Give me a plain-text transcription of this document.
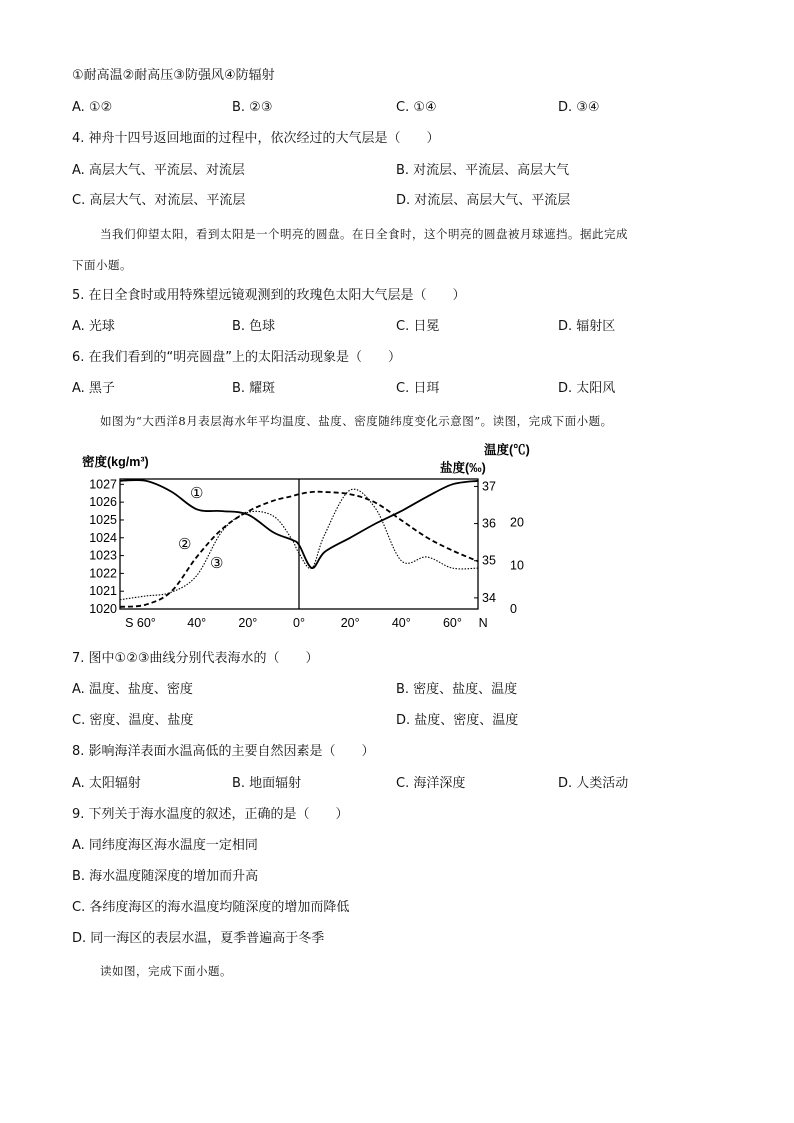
①耐高温②耐高压③防强风④防辐射
A. ①②	B. ②③	C. ①④	D. ③④
4. 神舟十四号返回地面的过程中，依次经过的大气层是（　　）
A. 高层大气、平流层、对流层	B. 对流层、平流层、高层大气
C. 高层大气、对流层、平流层	D. 对流层、高层大气、平流层
当我们仰望太阳，看到太阳是一个明亮的圆盘。在日全食时，这个明亮的圆盘被月球遮挡。据此完成
下面小题。
5. 在日全食时或用特殊望远镜观测到的玫瑰色太阳大气层是（　　）
A. 光球	B. 色球	C. 日冕	D. 辐射区
6. 在我们看到的“明亮圆盘”上的太阳活动现象是（　　）
A. 黑子	B. 耀斑	C. 日珥	D. 太阳风
如图为“大西洋8月表层海水年平均温度、盐度、密度随纬度变化示意图”。读图，完成下面小题。
1027
1026
1025
1024
1023
1022
1021
1020
37
36
35
34
20
10
0
S 60°	40°	20°	0°	20°	40°	60° N
密度(kg/m³)	盐度(‰)
温度(℃)
①
②
③
7. 图中①②③曲线分别代表海水的（　　）
A. 温度、盐度、密度	B. 密度、盐度、温度
C. 密度、温度、盐度	D. 盐度、密度、温度
8. 影响海洋表面水温高低的主要自然因素是（　　）
A. 太阳辐射	B. 地面辐射	C. 海洋深度	D. 人类活动
9. 下列关于海水温度的叙述，正确的是（　　）
A. 同纬度海区海水温度一定相同
B. 海水温度随深度的增加而升高
C. 各纬度海区的海水温度均随深度的增加而降低
D. 同一海区的表层水温，夏季普遍高于冬季
读如图，完成下面小题。
